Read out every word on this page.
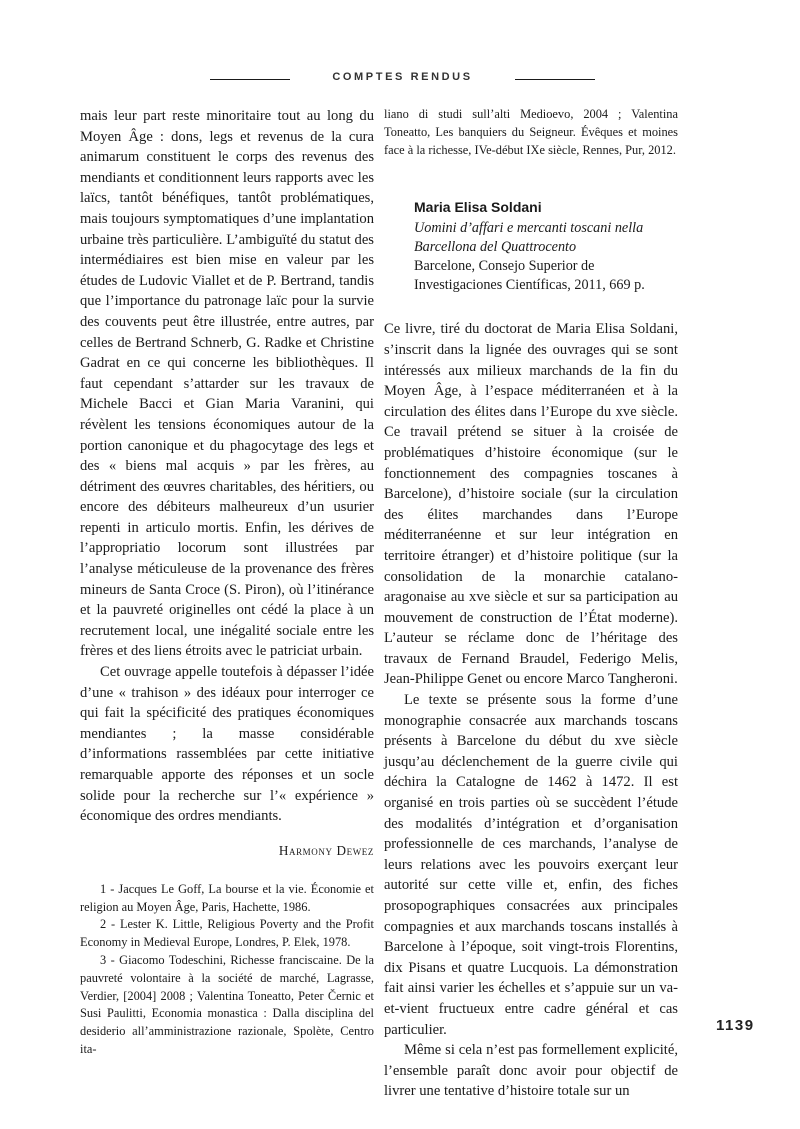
COMPTES RENDUS

mais leur part reste minoritaire tout au long du Moyen Âge : dons, legs et revenus de la cura animarum constituent le corps des revenus des mendiants et conditionnent leurs rapports avec les laïcs, tantôt bénéfiques, tantôt problématiques, mais toujours symptomatiques d’une implantation urbaine très particulière. L’ambiguïté du statut des intermédiaires est bien mise en valeur par les études de Ludovic Viallet et de P. Bertrand, tandis que l’importance du patronage laïc pour la survie des couvents peut être illustrée, entre autres, par celles de Bertrand Schnerb, G. Radke et Christine Gadrat en ce qui concerne les bibliothèques. Il faut cependant s’attarder sur les travaux de Michele Bacci et Gian Maria Varanini, qui révèlent les tensions économiques autour de la portion canonique et du phagocytage des legs et des « biens mal acquis » par les frères, au détriment des œuvres charitables, des héritiers, ou encore des débiteurs malheureux d’un usurier repenti in articulo mortis. Enfin, les dérives de l’appropriatio locorum sont illustrées par l’analyse méticuleuse de la provenance des frères mineurs de Santa Croce (S. Piron), où l’itinérance et la pauvreté originelles ont cédé la place à un recrutement local, une inégalité sociale entre les frères et des liens étroits avec le patriciat urbain.

Cet ouvrage appelle toutefois à dépasser l’idée d’une « trahison » des idéaux pour interroger ce qui fait la spécificité des pratiques économiques mendiantes ; la masse considérable d’informations rassemblées par cette initiative remarquable apporte des réponses et un socle solide pour la recherche sur l’« expérience » économique des ordres mendiants.

Harmony Dewez

1 - Jacques Le Goff, La bourse et la vie. Économie et religion au Moyen Âge, Paris, Hachette, 1986.

2 - Lester K. Little, Religious Poverty and the Profit Economy in Medieval Europe, Londres, P. Elek, 1978.

3 - Giacomo Todeschini, Richesse franciscaine. De la pauvreté volontaire à la société de marché, Lagrasse, Verdier, [2004] 2008 ; Valentina Toneatto, Peter Černic et Susi Paulitti, Economia monastica : Dalla disciplina del desiderio all’amministrazione razionale, Spolète, Centro ita-

liano di studi sull’alti Medioevo, 2004 ; Valentina Toneatto, Les banquiers du Seigneur. Évêques et moines face à la richesse, IVe-début IXe siècle, Rennes, Pur, 2012.

Maria Elisa Soldani

Uomini d’affari e mercanti toscani nella Barcellona del Quattrocento

Barcelone, Consejo Superior de Investigaciones Científicas, 2011, 669 p.

Ce livre, tiré du doctorat de Maria Elisa Soldani, s’inscrit dans la lignée des ouvrages qui se sont intéressés aux milieux marchands de la fin du Moyen Âge, à l’espace méditerranéen et à la circulation des élites dans l’Europe du xve siècle. Ce travail prétend se situer à la croisée de problématiques d’histoire économique (sur le fonctionnement des compagnies toscanes à Barcelone), d’histoire sociale (sur la circulation des élites marchandes dans l’Europe méditerranéenne et sur leur intégration en territoire étranger) et d’histoire politique (sur la consolidation de la monarchie catalano-aragonaise au xve siècle et sur sa participation au mouvement de construction de l’État moderne). L’auteur se réclame donc de l’héritage des travaux de Fernand Braudel, Federigo Melis, Jean-Philippe Genet ou encore Marco Tangheroni.

Le texte se présente sous la forme d’une monographie consacrée aux marchands toscans présents à Barcelone du début du xve siècle jusqu’au déclenchement de la guerre civile qui déchira la Catalogne de 1462 à 1472. Il est organisé en trois parties où se succèdent l’étude des modalités d’intégration et d’organisation professionnelle de ces marchands, l’analyse de leurs relations avec les pouvoirs exerçant leur autorité sur cette ville et, enfin, des fiches prosopographiques consacrées aux principales compagnies et aux marchands toscans installés à Barcelone à l’époque, soit vingt-trois Florentins, dix Pisans et quatre Lucquois. La démonstration fait ainsi varier les échelles et s’appuie sur un va-et-vient fructueux entre cadre général et cas particulier.

Même si cela n’est pas formellement explicité, l’ensemble paraît donc avoir pour objectif de livrer une tentative d’histoire totale sur un

1139
